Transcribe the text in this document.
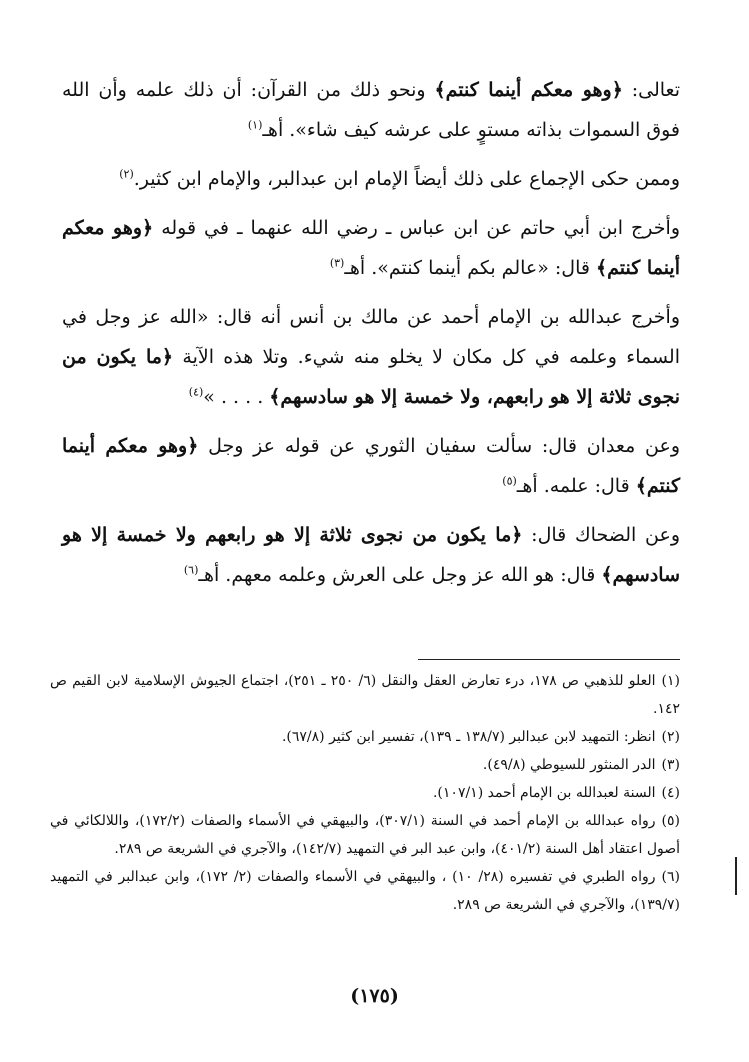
تعالى: ﴿وهو معكم أينما كنتم﴾ ونحو ذلك من القرآن: أن ذلك علمه وأن الله فوق السموات بذاته مستوٍ على عرشه كيف شاء». أهـ$^{(١)}$

وممن حكى الإجماع على ذلك أيضاً الإمام ابن عبدالبر، والإمام ابن كثير.$^{(٢)}$

وأخرج ابن أبي حاتم عن ابن عباس ـ رضي الله عنهما ـ في قوله ﴿وهو معكم أينما كنتم﴾ قال: «عالم بكم أينما كنتم». أهـ$^{(٣)}$

وأخرج عبدالله بن الإمام أحمد عن مالك بن أنس أنه قال: «الله عز وجل في السماء وعلمه في كل مكان لا يخلو منه شيء. وتلا هذه الآية ﴿ما يكون من نجوى ثلاثة إلا هو رابعهم، ولا خمسة إلا هو سادسهم﴾ . . . . »$^{(٤)}$

وعن معدان قال: سألت سفيان الثوري عن قوله عز وجل ﴿وهو معكم أينما كنتم﴾ قال: علمه. أهـ$^{(٥)}$

وعن الضحاك قال: ﴿ما يكون من نجوى ثلاثة إلا هو رابعهم ولا خمسة إلا هو سادسهم﴾ قال: هو الله عز وجل على العرش وعلمه معهم. أهـ$^{(٦)}$

(١)العلو للذهبي ص ١٧٨، درء تعارض العقل والنقل (٦/ ٢٥٠ ـ ٢٥١)، اجتماع الجيوش الإسلامية لابن القيم ص ١٤٢.

(٢)انظر: التمهيد لابن عبدالبر (١٣٨/٧ ـ ١٣٩)، تفسير ابن كثير (٦٧/٨).

(٣)الدر المنثور للسيوطي (٤٩/٨).

(٤)السنة لعبدالله بن الإمام أحمد (١٠٧/١).

(٥)رواه عبدالله بن الإمام أحمد في السنة (٣٠٧/١)، والبيهقي في الأسماء والصفات (١٧٢/٢)، واللالكائي في أصول اعتقاد أهل السنة (٤٠١/٢)، وابن عبد البر في التمهيد (١٤٢/٧)، والآجري في الشريعة ص ٢٨٩.

(٦)رواه الطبري في تفسيره (٢٨/ ١٠) ، والبيهقي في الأسماء والصفات (٢/ ١٧٢)، وابن عبدالبر في التمهيد (١٣٩/٧)، والآجري في الشريعة ص ٢٨٩.

(١٧٥)
